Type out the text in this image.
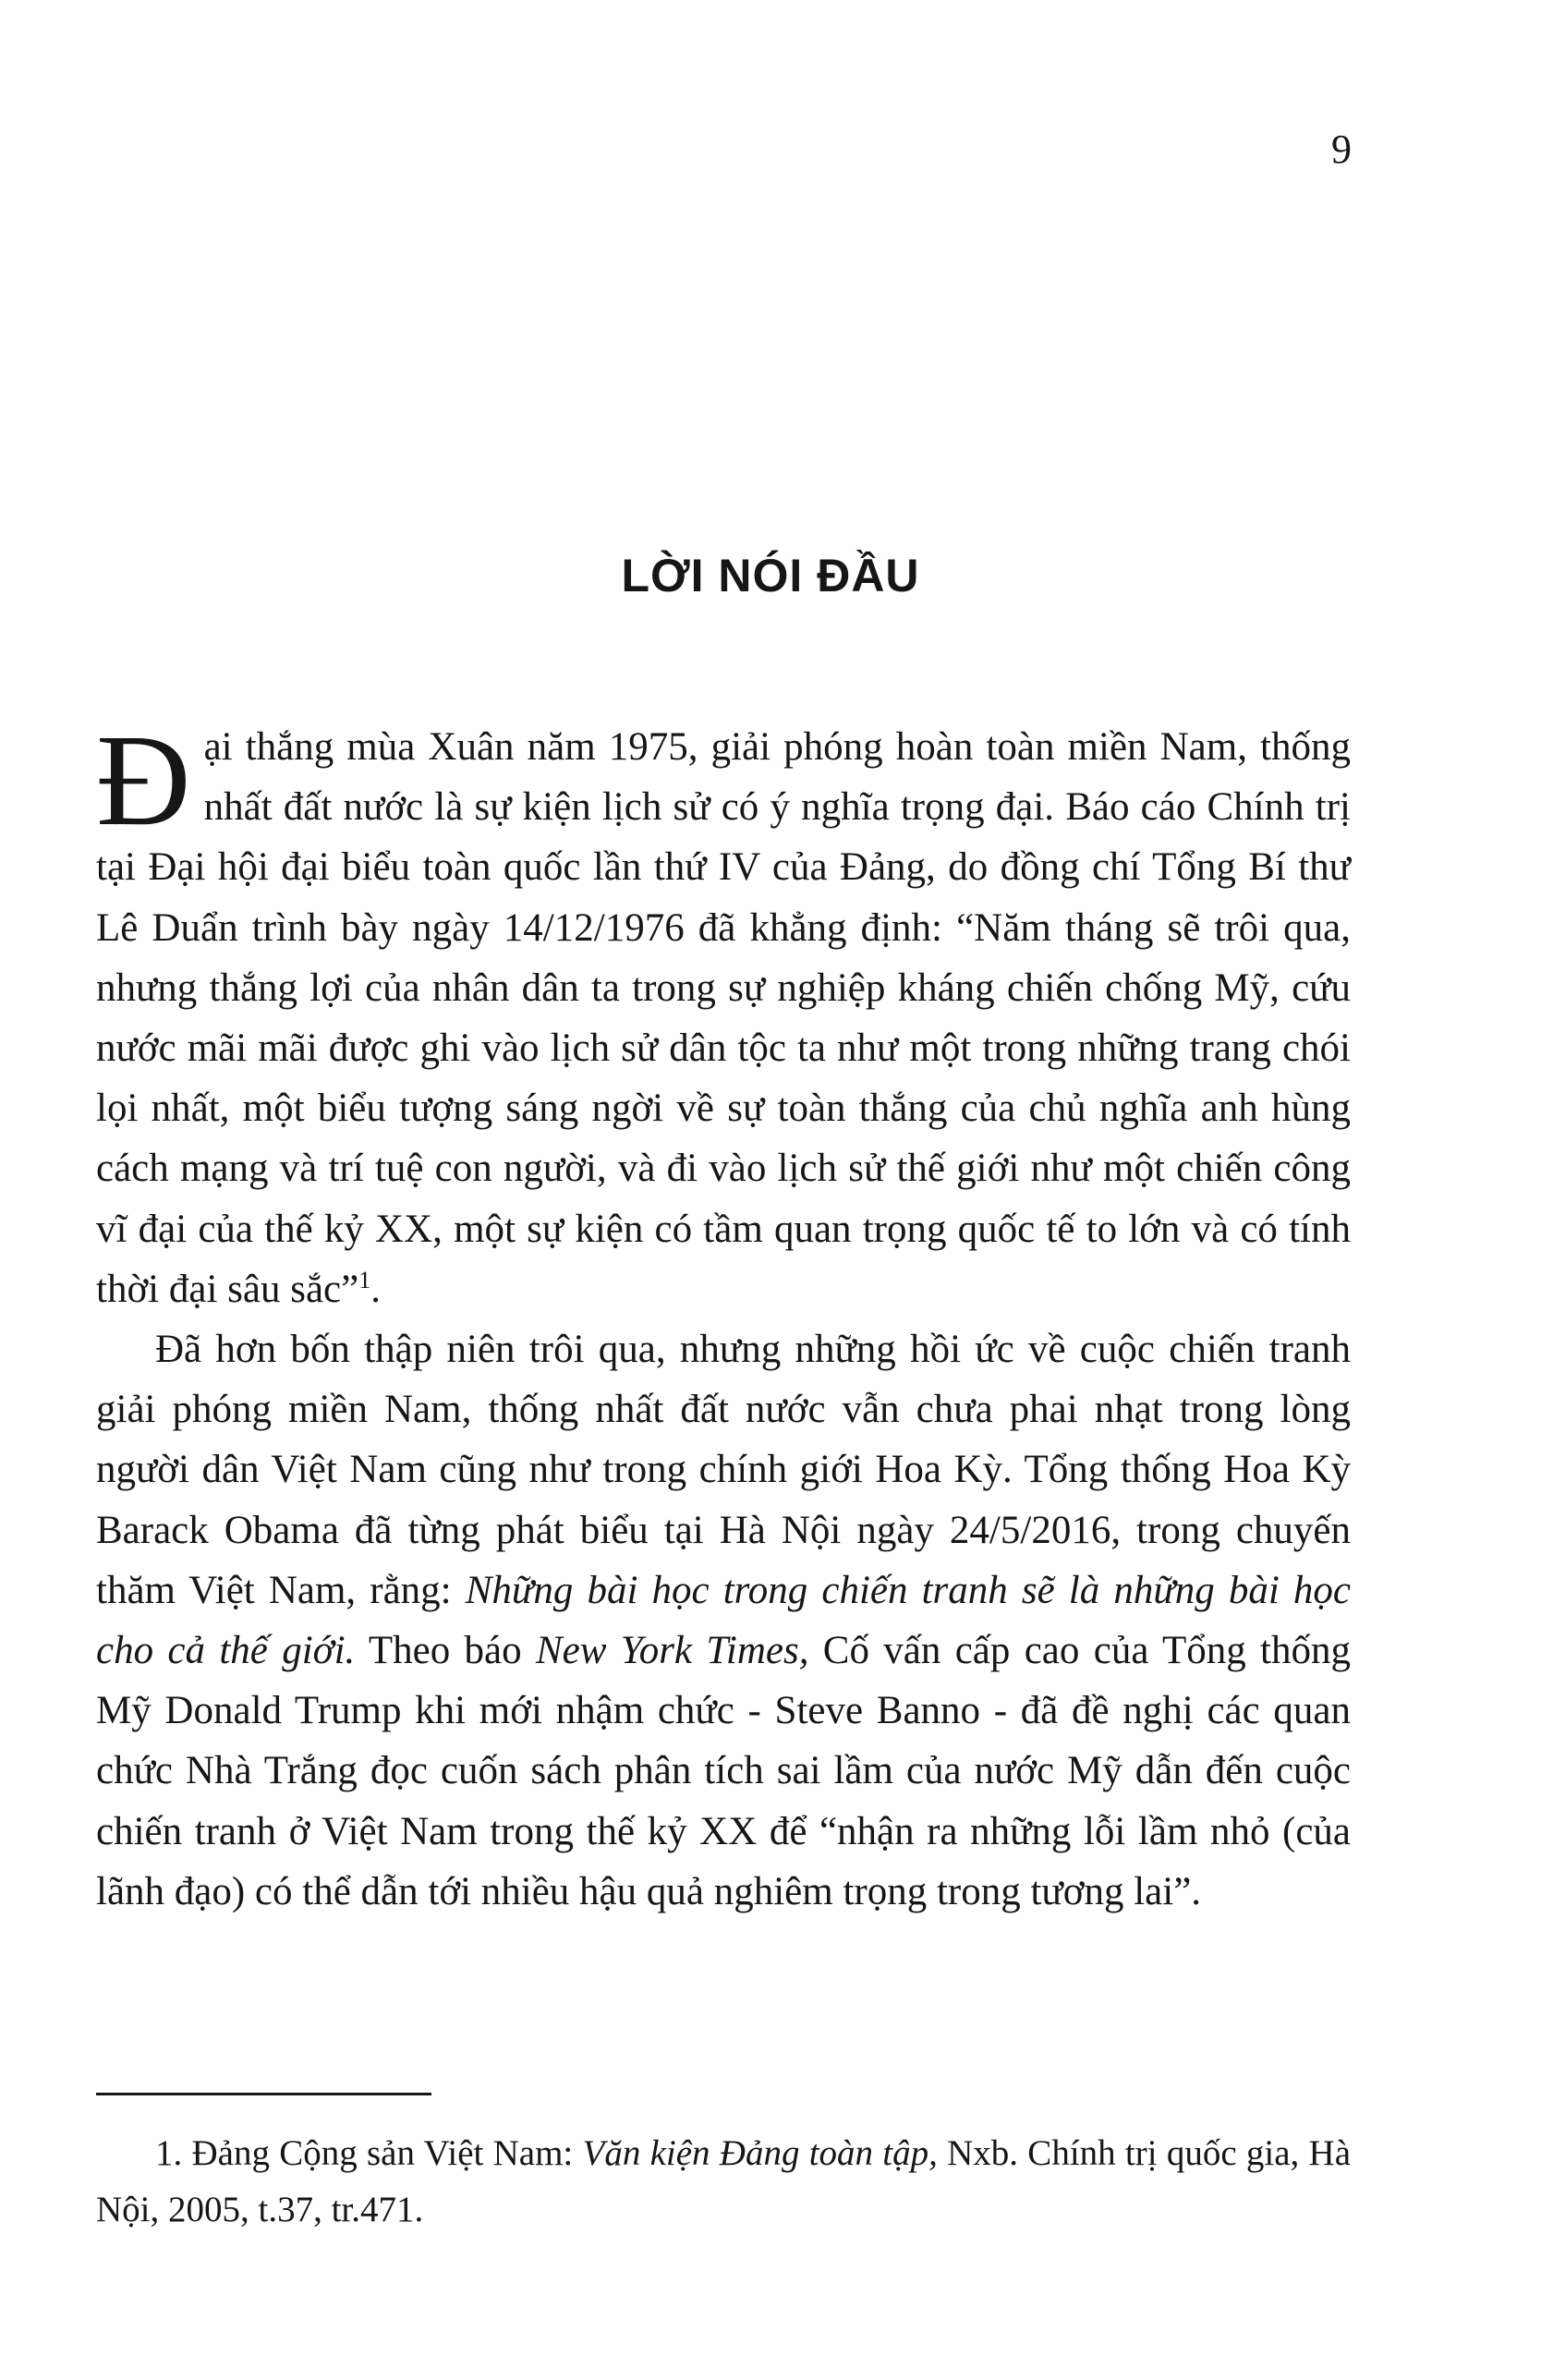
9
LỜI NÓI ĐẦU

Đại thắng mùa Xuân năm 1975, giải phóng hoàn toàn miền Nam, thống nhất đất nước là sự kiện lịch sử có ý nghĩa trọng đại. Báo cáo Chính trị tại Đại hội đại biểu toàn quốc lần thứ IV của Đảng, do đồng chí Tổng Bí thư Lê Duẩn trình bày ngày 14/12/1976 đã khẳng định: “Năm tháng sẽ trôi qua, nhưng thắng lợi của nhân dân ta trong sự nghiệp kháng chiến chống Mỹ, cứu nước mãi mãi được ghi vào lịch sử dân tộc ta như một trong những trang chói lọi nhất, một biểu tượng sáng ngời về sự toàn thắng của chủ nghĩa anh hùng cách mạng và trí tuệ con người, và đi vào lịch sử thế giới như một chiến công vĩ đại của thế kỷ XX, một sự kiện có tầm quan trọng quốc tế to lớn và có tính thời đại sâu sắc”$^1$.

Đã hơn bốn thập niên trôi qua, nhưng những hồi ức về cuộc chiến tranh giải phóng miền Nam, thống nhất đất nước vẫn chưa phai nhạt trong lòng người dân Việt Nam cũng như trong chính giới Hoa Kỳ. Tổng thống Hoa Kỳ Barack Obama đã từng phát biểu tại Hà Nội ngày 24/5/2016, trong chuyến thăm Việt Nam, rằng: Những bài học trong chiến tranh sẽ là những bài học cho cả thế giới. Theo báo New York Times, Cố vấn cấp cao của Tổng thống Mỹ Donald Trump khi mới nhậm chức - Steve Banno - đã đề nghị các quan chức Nhà Trắng đọc cuốn sách phân tích sai lầm của nước Mỹ dẫn đến cuộc chiến tranh ở Việt Nam trong thế kỷ XX để “nhận ra những lỗi lầm nhỏ (của lãnh đạo) có thể dẫn tới nhiều hậu quả nghiêm trọng trong tương lai”.

1. Đảng Cộng sản Việt Nam: Văn kiện Đảng toàn tập, Nxb. Chính trị quốc gia, Hà Nội, 2005, t.37, tr.471.
